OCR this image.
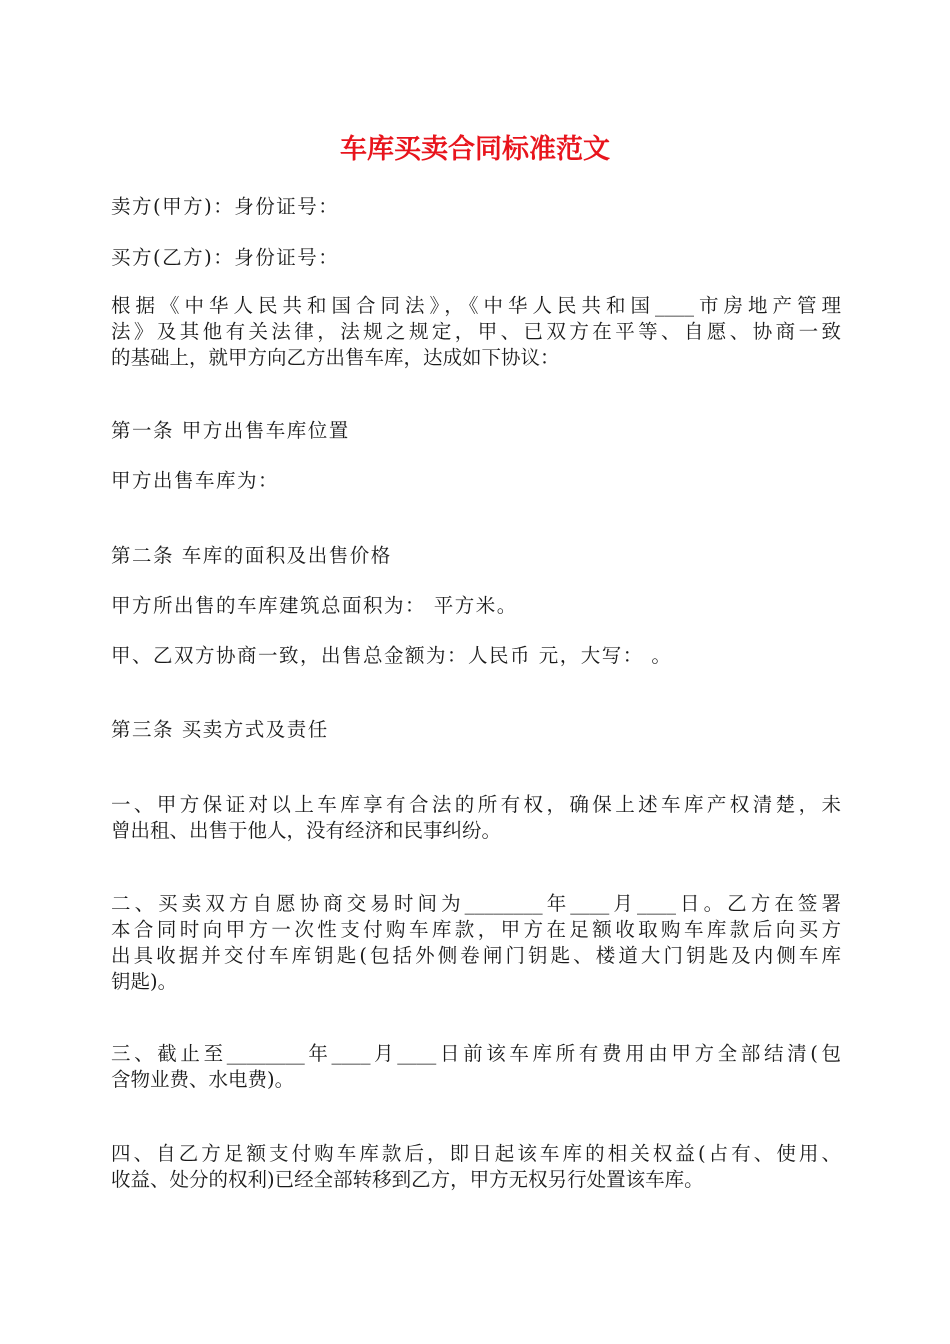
车库买卖合同标准范文

卖方(甲方)：身份证号：

买方(乙方)：身份证号：

根据《中华人民共和国合同法》，《中华人民共和国____市房地产管理
法》及其他有关法律，法规之规定，甲、已双方在平等、自愿、协商一致
的基础上，就甲方向乙方出售车库，达成如下协议：

第一条 甲方出售车库位置

甲方出售车库为：

第二条 车库的面积及出售价格

甲方所出售的车库建筑总面积为： 平方米。

甲、乙双方协商一致，出售总金额为：人民币 元，大写： 。

第三条 买卖方式及责任

一、甲方保证对以上车库享有合法的所有权，确保上述车库产权清楚，未
曾出租、出售于他人，没有经济和民事纠纷。
二、买卖双方自愿协商交易时间为________年____月____日。乙方在签署
本合同时向甲方一次性支付购车库款，甲方在足额收取购车库款后向买方
出具收据并交付车库钥匙(包括外侧卷闸门钥匙、楼道大门钥匙及内侧车库
钥匙)。
三、截止至________年____月____日前该车库所有费用由甲方全部结清(包
含物业费、水电费)。
四、自乙方足额支付购车库款后，即日起该车库的相关权益(占有、使用、
收益、处分的权利)已经全部转移到乙方，甲方无权另行处置该车库。
